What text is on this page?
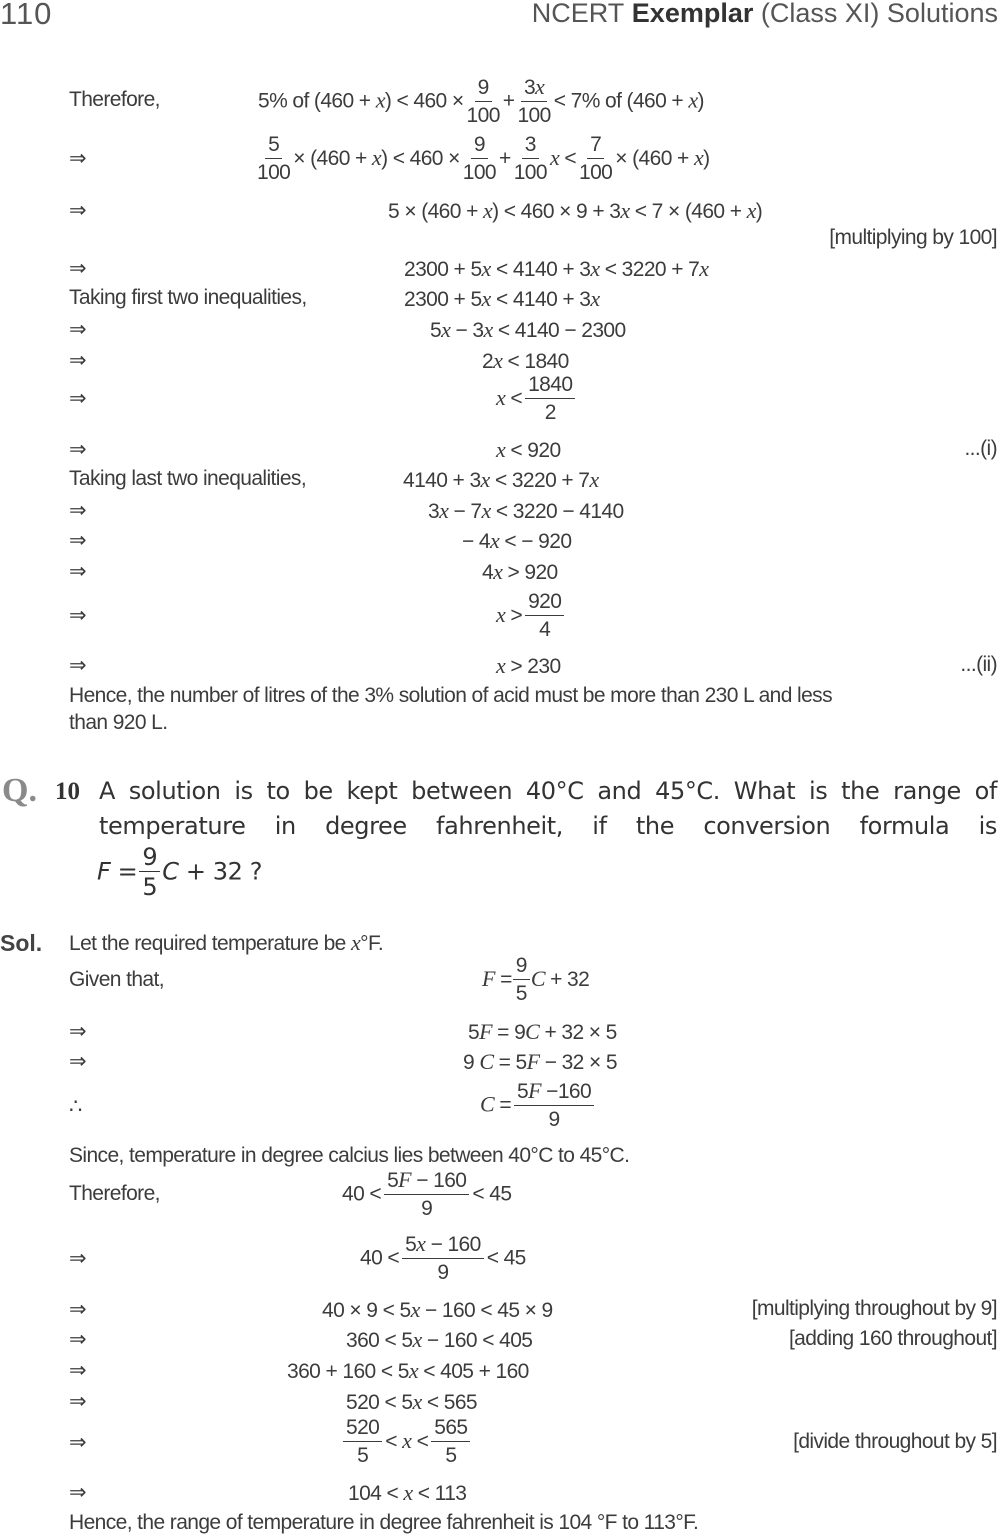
110	NCERT Exemplar (Class XI) Solutions
Therefore,	5% of $(460 + x) < 460 \times \frac{9}{100} + \frac{3x}{100} < 7\%$ of (460 + x)
⇒	$\frac{5}{100} \times (460 + x) < 460 \times \frac{9}{100} + \frac{3}{100}$ $x < \frac{7}{100} \times (460 + x)$
⇒	5 × (460 + x) < 460 × 9 + 3x < 7 × (460 + x)
[multiplying by 100]
⇒	2300 + 5x < 4140 + 3x < 3220 + 7x
Taking first two inequalities,	2300 + 5x < 4140 + 3x
⇒	5x − 3x < 4140 − 2300
⇒	2x < 1840
⇒	$x < \frac{1840}{2}$
⇒	x < 920	...(i)
Taking last two inequalities,	4140 + 3x < 3220 + 7x
⇒	3x − 7x < 3220 − 4140
⇒	− 4x < − 920
⇒	4x > 920
⇒	$x > \frac{920}{4}$
⇒	x > 230	...(ii)
Hence, the number of litres of the 3% solution of acid must be more than 230 L and less
than 920 L.
Q. 10 A solution is to be kept between 40°C and 45°C. What is the range of
temperature in degree fahrenheit, if the conversion formula is
$F = \frac{9}{5}$ C + 32 ?
Sol. Let the required temperature be x°F.
Given that,	$F = \frac{9}{5}$ C + 32
⇒	5F = 9C + 32 × 5
⇒	9 C = 5F − 32 × 5
∴	$C = \frac{5F -160}{9}$
Since, temperature in degree calcius lies between 40°C to 45°C.
Therefore,	$40 < \frac{5F - 160}{9} < 45$
⇒	$40 < \frac{5x - 160}{9} < 45$
⇒	40 × 9 < 5x − 160 < 45 × 9	[multiplying throughout by 9]
⇒	360 < 5x − 160 < 405	[adding 160 throughout]
⇒	360 + 160 < 5x < 405 + 160
⇒	520 < 5x < 565
⇒	$\frac{520}{5} < x < \frac{565}{5}$	[divide throughout by 5]
⇒	104 < x < 113
Hence, the range of temperature in degree fahrenheit is 104 °F to 113°F.
